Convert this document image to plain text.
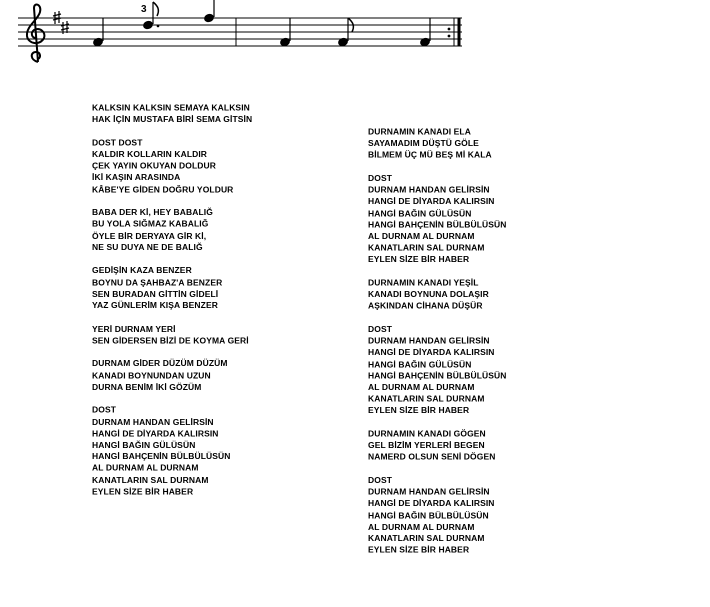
3
KALKSIN KALKSIN SEMAYA KALKSIN
HAK İÇİN MUSTAFA BİRİ SEMA GİTSİN
DOST DOST
KALDIR KOLLARIN KALDIR
ÇEK YAYIN OKUYAN DOLDUR
İKİ KAŞIN ARASINDA
KÂBE'YE GİDEN DOĞRU YOLDUR
BABA DER Kİ, HEY BABALIĞ
BU YOLA SIĞMAZ KABALIĞ
ÖYLE BİR DERYAYA GİR Kİ,
NE SU DUYA NE DE BALIĞ
GEDİŞİN KAZA BENZER
BOYNU DA ŞAHBAZ'A BENZER
SEN BURADAN GİTTİN GİDELİ
YAZ GÜNLERİM KIŞA BENZER
YERİ DURNAM YERİ
SEN GİDERSEN BİZİ DE KOYMA GERİ
DURNAM GİDER DÜZÜM DÜZÜM
KANADI BOYNUNDAN UZUN
DURNA BENİM İKİ GÖZÜM
DOST
DURNAM HANDAN GELİRSİN
HANGİ DE DİYARDA KALIRSIN
HANGİ BAĞIN GÜLÜSÜN
HANGİ BAHÇENİN BÜLBÜLÜSÜN
AL DURNAM AL DURNAM
KANATLARIN SAL DURNAM
EYLEN SİZE BİR HABER
DURNAMIN KANADI ELA
SAYAMADIM DÜŞTÜ GÖLE
BİLMEM ÜÇ MÜ BEŞ Mİ KALA
DOST
DURNAM HANDAN GELİRSİN
HANGİ DE DİYARDA KALIRSIN
HANGİ BAĞIN GÜLÜSÜN
HANGİ BAHÇENİN BÜLBÜLÜSÜN
AL DURNAM AL DURNAM
KANATLARIN SAL DURNAM
EYLEN SİZE BİR HABER
DURNAMIN KANADI YEŞİL
KANADI BOYNUNA DOLAŞIR
AŞKINDAN CİHANA DÜŞÜR
DOST
DURNAM HANDAN GELİRSİN
HANGİ DE DİYARDA KALIRSIN
HANGİ BAĞIN GÜLÜSÜN
HANGİ BAHÇENİN BÜLBÜLÜSÜN
AL DURNAM AL DURNAM
KANATLARIN SAL DURNAM
EYLEN SİZE BİR HABER
DURNAMIN KANADI GÖGEN
GEL BİZİM YERLERİ BEGEN
NAMERD OLSUN SENİ DÖGEN
DOST
DURNAM HANDAN GELİRSİN
HANGİ DE DİYARDA KALIRSIN
HANGİ BAĞIN BÜLBÜLÜSÜN
AL DURNAM AL DURNAM
KANATLARIN SAL DURNAM
EYLEN SİZE BİR HABER
